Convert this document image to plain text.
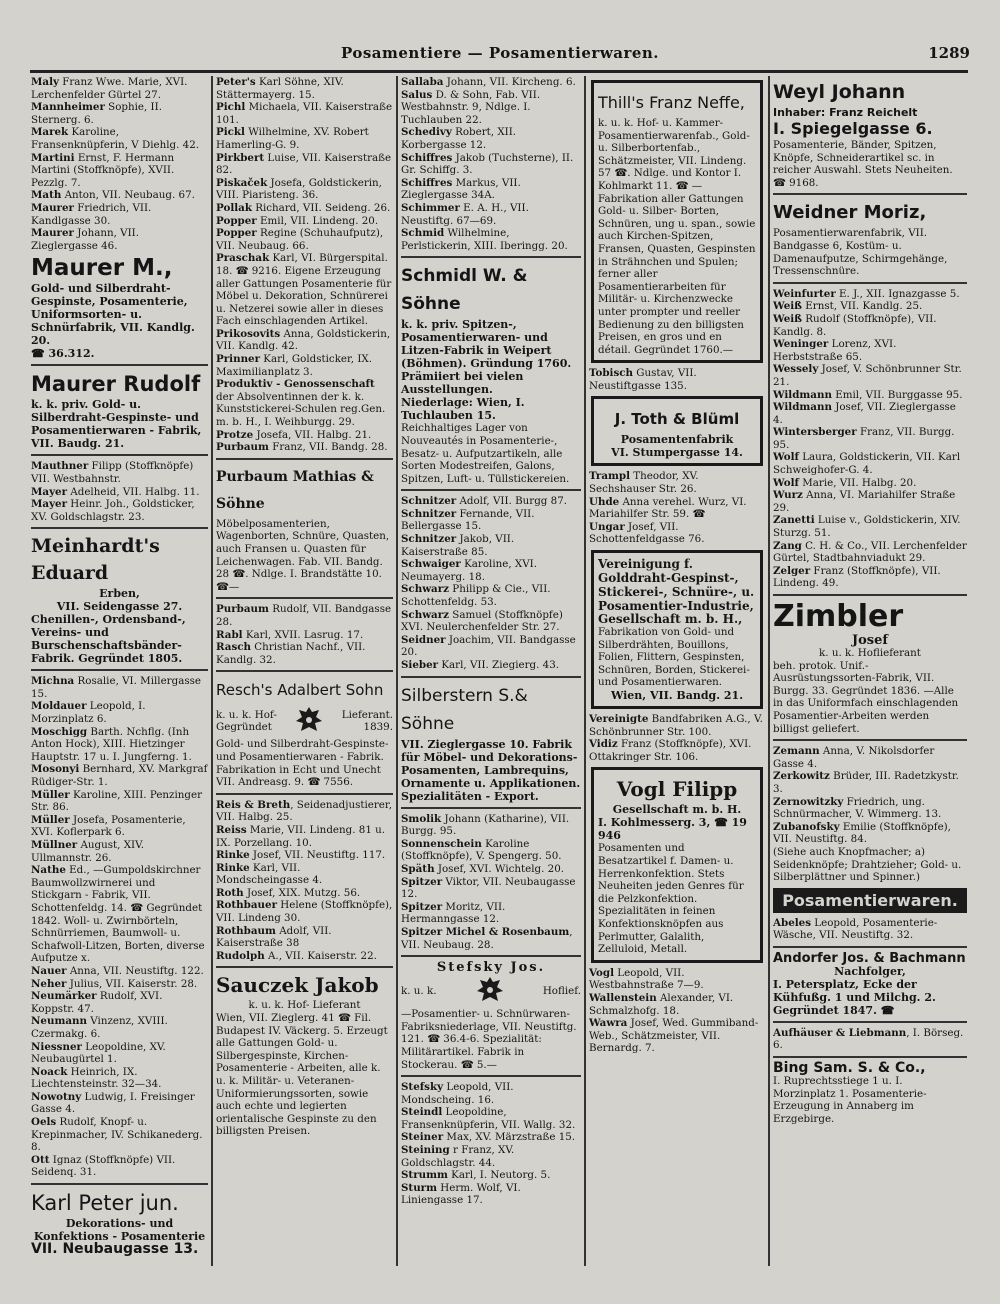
Posamentiere — Posamentierwaren.	1289

Maly Franz Wwe. Marie, XVI. Lerchenfelder Gürtel 27.

Mannheimer Sophie, II. Sternerg. 6.

Marek Karoline, Fransenknüpferin, V Diehlg. 42.

Martini Ernst, F. Hermann Martini (Stoffknöpfe), XVII. Pezzlg. 7.

Math Anton, VII. Neubaug. 67.

Maurer Friedrich, VII. Kandlgasse 30.

Maurer Johann, VII. Zieglergasse 46.

Maurer M.,
Gold- und Silberdraht-Gespinste, Posamenterie, Uniformsorten- u. Schnürfabrik, VII. Kandlg. 20.
☎ 36.312.
Maurer Rudolf
k. k. priv. Gold- u. Silberdraht-Gespinste- und Posamentierwaren - Fabrik, VII. Baudg. 21.

Mauthner Filipp (Stoffknöpfe) VII. Westbahnstr.

Mayer Adelheid, VII. Halbg. 11.

Mayer Heinr. Joh., Goldsticker, XV. Goldschlagstr. 23.

Meinhardt's Eduard
Erben,
VII. Seidengasse 27.
Chenillen-, Ordensband-, Vereins- und Burschenschaftsbänder-Fabrik. Gegründet 1805.

Michna Rosalie, VI. Millergasse 15.

Moldauer Leopold, I. Morzinplatz 6.

Moschigg Barth. Nchflg. (Inh Anton Hock), XIII. Hietzinger Hauptstr. 17 u. I. Jungferng. 1.

Mosonyi Bernhard, XV. Markgraf Rüdiger-Str. 1.

Müller Karoline, XIII. Penzinger Str. 86.

Müller Josefa, Posamenterie, XVI. Koflerpark 6.

Müllner August, XIV. Ullmannstr. 26.

Nathe Ed., —Gumpoldskirchner Baumwollzwirnerei und Stickgarn - Fabrik, VII. Schottenfeldg. 14. ☎ Gegründet 1842. Woll- u. Zwirnbörteln, Schnürriemen, Baumwoll- u. Schafwoll-Litzen, Borten, diverse Aufputze x.

Nauer Anna, VII. Neustiftg. 122.

Neher Julius, VII. Kaiserstr. 28.

Neumärker Rudolf, XVI. Koppstr. 47.

Neumann Vinzenz, XVIII. Czermakg. 6.

Niessner Leopoldine, XV. Neubaugürtel 1.

Noack Heinrich, IX. Liechtensteinstr. 32—34.

Nowotny Ludwig, I. Freisinger Gasse 4.

Oels Rudolf, Knopf- u. Krepinmacher, IV. Schikanederg. 8.

Ott Ignaz (Stoffknöpfe) VII. Seidenq. 31.

Karl Peter jun.
Dekorations- und Konfektions - Posamenterie
VII. Neubaugasse 13.

Peter's Karl Söhne, XIV. Stättermayerg. 15.

Pichl Michaela, VII. Kaiserstraße 101.

Pickl Wilhelmine, XV. Robert Hamerling-G. 9.

Pirkbert Luise, VII. Kaiserstraße 82.

Piskaček Josefa, Goldstickerin, VIII. Piaristeng. 36.

Pollak Richard, VII. Seideng. 26.

Popper Emil, VII. Lindeng. 20.

Popper Regine (Schuhaufputz), VII. Neubaug. 66.

Praschak Karl, VI. Bürgerspital. 18. ☎ 9216. Eigene Erzeugung aller Gattungen Posamenterie für Möbel u. Dekoration, Schnürerei u. Netzerei sowie aller in dieses Fach einschlagenden Artikel.

Prikosovits Anna, Goldstickerin, VII. Kandlg. 42.

Prinner Karl, Goldsticker, IX. Maximilianplatz 3.

Produktiv - Genossenschaft der Absolventinnen der k. k. Kunststickerei-Schulen reg.Gen. m. b. H., I. Weihburgg. 29.

Protze Josefa, VII. Halbg. 21.

Purbaum Franz, VII. Bandg. 28.

Purbaum Mathias & Söhne
Möbelposamenterien, Wagenborten, Schnüre, Quasten, auch Fransen u. Quasten für Leichenwagen. Fab. VII. Bandg. 28 ☎. Ndlge. I. Brandstätte 10. ☎—

Purbaum Rudolf, VII. Bandgasse 28.

Rabl Karl, XVII. Lasrug. 17.

Rasch Christian Nachf., VII. Kandlg. 32.

Resch's Adalbert Sohn
k. u. k. Hof-
Gegründet
Lieferant.
1839.
Gold- und Silberdraht-Gespinste- und Posamentierwaren - Fabrik. Fabrikation in Echt und Unecht VII. Andreasg. 9. ☎ 7556.

Reis & Breth, Seidenadjustierer, VII. Halbg. 25.

Reiss Marie, VII. Lindeng. 81 u. IX. Porzellang. 10.

Rinke Josef, VII. Neustiftg. 117.

Rinke Karl, VII. Mondscheingasse 4.

Roth Josef, XIX. Mutzg. 56.

Rothbauer Helene (Stoffknöpfe), VII. Lindeng 30.

Rothbaum Adolf, VII. Kaiserstraße 38

Rudolph A., VII. Kaiserstr. 22.

Sauczek Jakob
k. u. k. Hof- Lieferant
Wien, VII. Zieglerg. 41 ☎ Fil. Budapest IV. Väckerg. 5. Erzeugt alle Gattungen Gold- u. Silbergespinste, Kirchen-Posamenterie - Arbeiten, alle k. u. k. Militär- u. Veteranen-Uniformierungssorten, sowie auch echte und legierten orientalische Gespinste zu den billigsten Preisen.

Sallaba Johann, VII. Kircheng. 6.

Salus D. & Sohn, Fab. VII. Westbahnstr. 9, Ndlge. I. Tuchlauben 22.

Schedivy Robert, XII. Korbergasse 12.

Schiffres Jakob (Tuchsterne), II. Gr. Schiffg. 3.

Schiffres Markus, VII. Zieglergasse 34A.

Schimmer E. A. H., VII. Neustiftg. 67—69.

Schmid Wilhelmine, Perlstickerin, XIII. Iberingg. 20.

Schmidl W. & Söhne
k. k. priv. Spitzen-, Posamentierwaren- und Litzen-Fabrik in Weipert (Böhmen). Gründung 1760. Prämiiert bei vielen Ausstellungen.
Niederlage: Wien, I. Tuchlauben 15.
Reichhaltiges Lager von Nouveautés in Posamenterie-, Besatz- u. Aufputzartikeln, alle Sorten Modestreifen, Galons, Spitzen, Luft- u. Tüllstickereien.

Schnitzer Adolf, VII. Burgg 87.

Schnitzer Fernande, VII. Bellergasse 15.

Schnitzer Jakob, VII. Kaiserstraße 85.

Schwaiger Karoline, XVI. Neumayerg. 18.

Schwarz Philipp & Cie., VII. Schottenfeldg. 53.

Schwarz Samuel (Stoffknöpfe) XVI. Neulerchenfelder Str. 27.

Seidner Joachim, VII. Bandgasse 20.

Sieber Karl, VII. Ziegierg. 43.

Silberstern S.& Söhne
VII. Zieglergasse 10. Fabrik für Möbel- und Dekorations-Posamenten, Lambrequins, Ornamente u. Applikationen. Spezialitäten - Export.

Smolik Johann (Katharine), VII. Burgg. 95.

Sonnenschein Karoline (Stoffknöpfe), V. Spengerg. 50.

Späth Josef, XVI. Wichtelg. 20.

Spitzer Viktor, VII. Neubaugasse 12.

Spitzer Moritz, VII. Hermanngasse 12.

Spitzer Michel & Rosenbaum, VII. Neubaug. 28.

Stefsky Jos.
k. u. k.	Hoflief.
—Posamentier- u. Schnürwaren-Fabriksniederlage, VII. Neustiftg. 121. ☎ 36.4-6. Spezialität: Militärartikel. Fabrik in Stockerau. ☎ 5.—

Stefsky Leopold, VII. Mondscheing. 16.

Steindl Leopoldine, Fransenknüpferin, VII. Wallg. 32.

Steiner Max, XV. Märzstraße 15.

Steining r Franz, XV. Goldschlagstr. 44.

Strumm Karl, I. Neutorg. 5.

Sturm Herm. Wolf, VI. Liniengasse 17.

Thill's Franz Neffe,
k. u. k. Hof- u. Kammer-Posamentierwarenfab., Gold- u. Silberbortenfab., Schätzmeister, VII. Lindeng. 57 ☎. Ndlge. und Kontor I. Kohlmarkt 11. ☎ —Fabrikation aller Gattungen Gold- u. Silber- Borten, Schnüren, ung u. span., sowie auch Kirchen-Spitzen, Fransen, Quasten, Gespinsten in Strähnchen und Spulen; ferner aller Posamentierarbeiten für Militär- u. Kirchenzwecke unter prompter und reeller Bedienung zu den billigsten Preisen, en gros und en détail. Gegründet 1760.—

Tobisch Gustav, VII. Neustiftgasse 135.

J. Toth & Blüml
Posamentenfabrik
VI. Stumpergasse 14.

Trampl Theodor, XV. Sechshauser Str. 26.

Uhde Anna verehel. Wurz, VI. Mariahilfer Str. 59. ☎

Ungar Josef, VII. Schottenfeldgasse 76.

Vereinigung f. Golddraht-Gespinst-, Stickerei-, Schnüre-, u. Posamentier-Industrie,
Gesellschaft m. b. H.,
Fabrikation von Gold- und Silberdrähten, Bouillons, Folien, Flittern, Gespinsten, Schnüren, Borden, Stickerei- und Posamentierwaren.
Wien, VII. Bandg. 21.

Vereinigte Bandfabriken A.G., V. Schönbrunner Str. 100.

Vidiz Franz (Stoffknöpfe), XVI. Ottakringer Str. 106.

Vogl Filipp
Gesellschaft m. b. H.
I. Kohlmesserg. 3, ☎ 19 946
Posamenten und Besatzartikel f. Damen- u. Herrenkonfektion. Stets Neuheiten jeden Genres für die Pelzkonfektion. Spezialitäten in feinen Konfektionsknöpfen aus Perlmutter, Galalith, Zelluloid, Metall.

Vogl Leopold, VII. Westbahnstraße 7—9.

Wallenstein Alexander, VI. Schmalzhofg. 18.

Wawra Josef, Wed. Gummiband-Web., Schätzmeister, VII. Bernardg. 7.

Weyl Johann
Inhaber: Franz Reichelt
I. Spiegelgasse 6.
Posamenterie, Bänder, Spitzen, Knöpfe, Schneiderartikel sc. in reicher Auswahl. Stets Neuheiten. ☎ 9168.
Weidner Moriz,
Posamentierwarenfabrik, VII. Bandgasse 6, Kostüm- u. Damenaufputze, Schirmgehänge, Tressenschnüre.

Weinfurter E. J., XII. Ignazgasse 5.

Weiß Ernst, VII. Kandlg. 25.

Weiß Rudolf (Stoffknöpfe), VII. Kandlg. 8.

Weninger Lorenz, XVI. Herbststraße 65.

Wessely Josef, V. Schönbrunner Str. 21.

Wildmann Emil, VII. Burggasse 95.

Wildmann Josef, VII. Zieglergasse 4.

Wintersberger Franz, VII. Burgg. 95.

Wolf Laura, Goldstickerin, VII. Karl Schweighofer-G. 4.

Wolf Marie, VII. Halbg. 20.

Wurz Anna, VI. Mariahilfer Straße 29.

Zanetti Luise v., Goldstickerin, XIV. Sturzg. 51.

Zang C. H. & Co., VII. Lerchenfelder Gürtel, Stadtbahnviadukt 29.

Zelger Franz (Stoffknöpfe), VII. Lindeng. 49.

Zimbler
Josef
k. u. k. Hoflieferant
beh. protok. Unif.-Ausrüstungssorten-Fabrik, VII. Burgg. 33. Gegründet 1836. —Alle in das Uniformfach einschlagenden Posamentier-Arbeiten werden billigst geliefert.

Zemann Anna, V. Nikolsdorfer Gasse 4.

Zerkowitz Brüder, III. Radetzkystr. 3.

Zernowitzky Friedrich, ung. Schnürmacher, V. Wimmerg. 13.

Zubanofsky Emilie (Stoffknöpfe), VII. Neustiftg. 84.

(Siehe auch Knopfmacher; a) Seidenknöpfe; Drahtzieher; Gold- u. Silberplättner und Spinner.)
Posamentierwaren.

Abeles Leopold, Posamenterie-Wäsche, VII. Neustiftg. 32.

Andorfer Jos. & Bachmann
Nachfolger,
I. Petersplatz, Ecke der Kühfußg. 1 und Milchg. 2. Gegründet 1847. ☎

Aufhäuser & Liebmann, I. Börseg. 6.

Bing Sam. S. & Co.,
I. Ruprechtsstiege 1 u. I. Morzinplatz 1. Posamenterie-Erzeugung in Annaberg im Erzgebirge.
